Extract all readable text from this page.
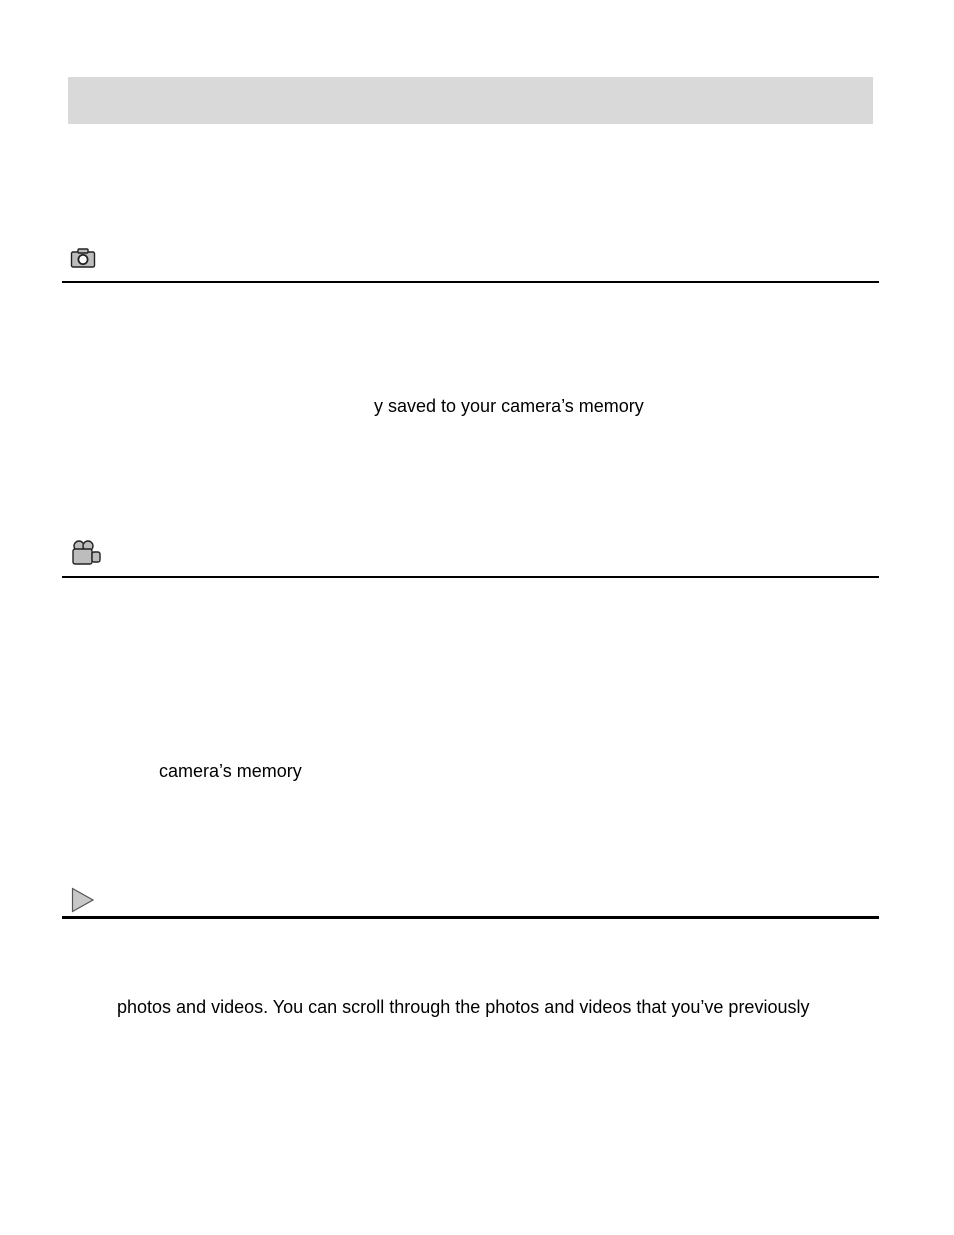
y saved to your camera’s memory
camera’s memory
photos and videos. You can scroll through the photos and videos that you’ve previously
